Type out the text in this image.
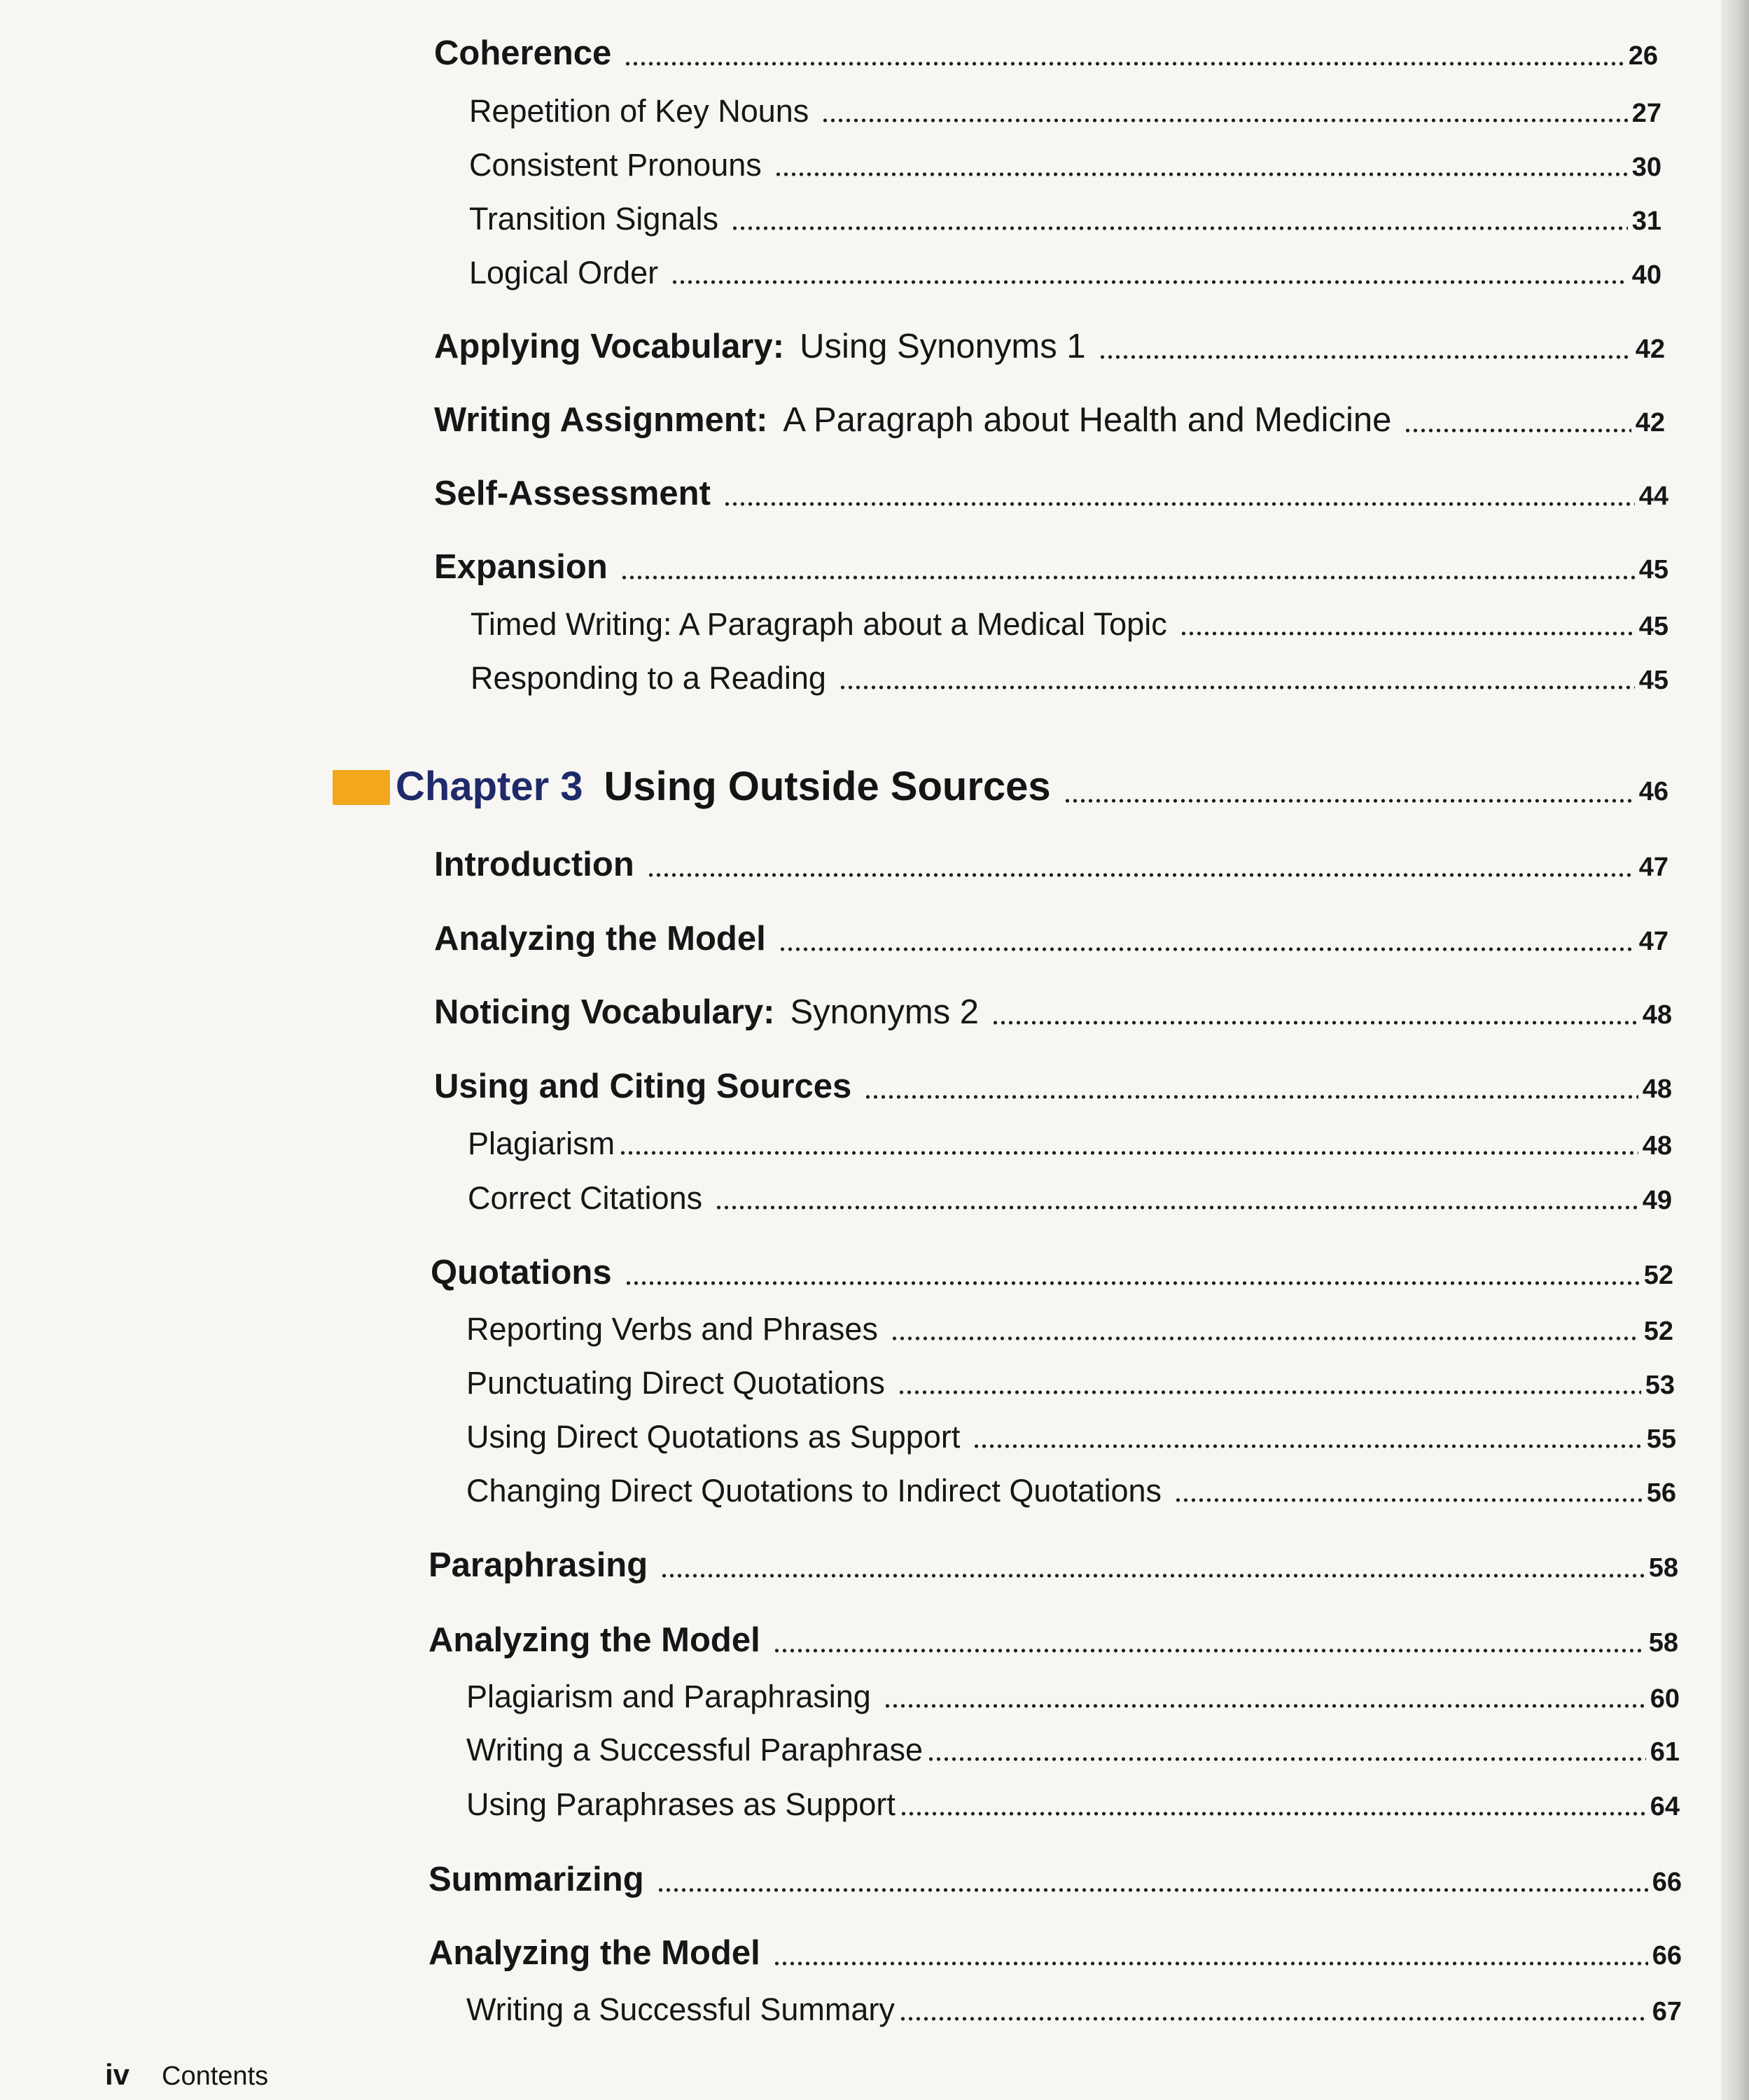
Coherence	26
Repetition of Key Nouns	27
Consistent Pronouns	30
Transition Signals	31
Logical Order	40
Applying Vocabulary: Using Synonyms 1	42
Writing Assignment: A Paragraph about Health and Medicine	42
Self-Assessment	44
Expansion	45
Timed Writing: A Paragraph about a Medical Topic	45
Responding to a Reading	45
Chapter 3 Using Outside Sources	46
Introduction	47
Analyzing the Model	47
Noticing Vocabulary: Synonyms 2	48
Using and Citing Sources	48
Plagiarism	48
Correct Citations	49
Quotations	52
Reporting Verbs and Phrases	52
Punctuating Direct Quotations	53
Using Direct Quotations as Support	55
Changing Direct Quotations to Indirect Quotations	56
Paraphrasing	58
Analyzing the Model	58
Plagiarism and Paraphrasing	60
Writing a Successful Paraphrase	61
Using Paraphrases as Support	64
Summarizing	66
Analyzing the Model	66
Writing a Successful Summary	67
iv Contents
